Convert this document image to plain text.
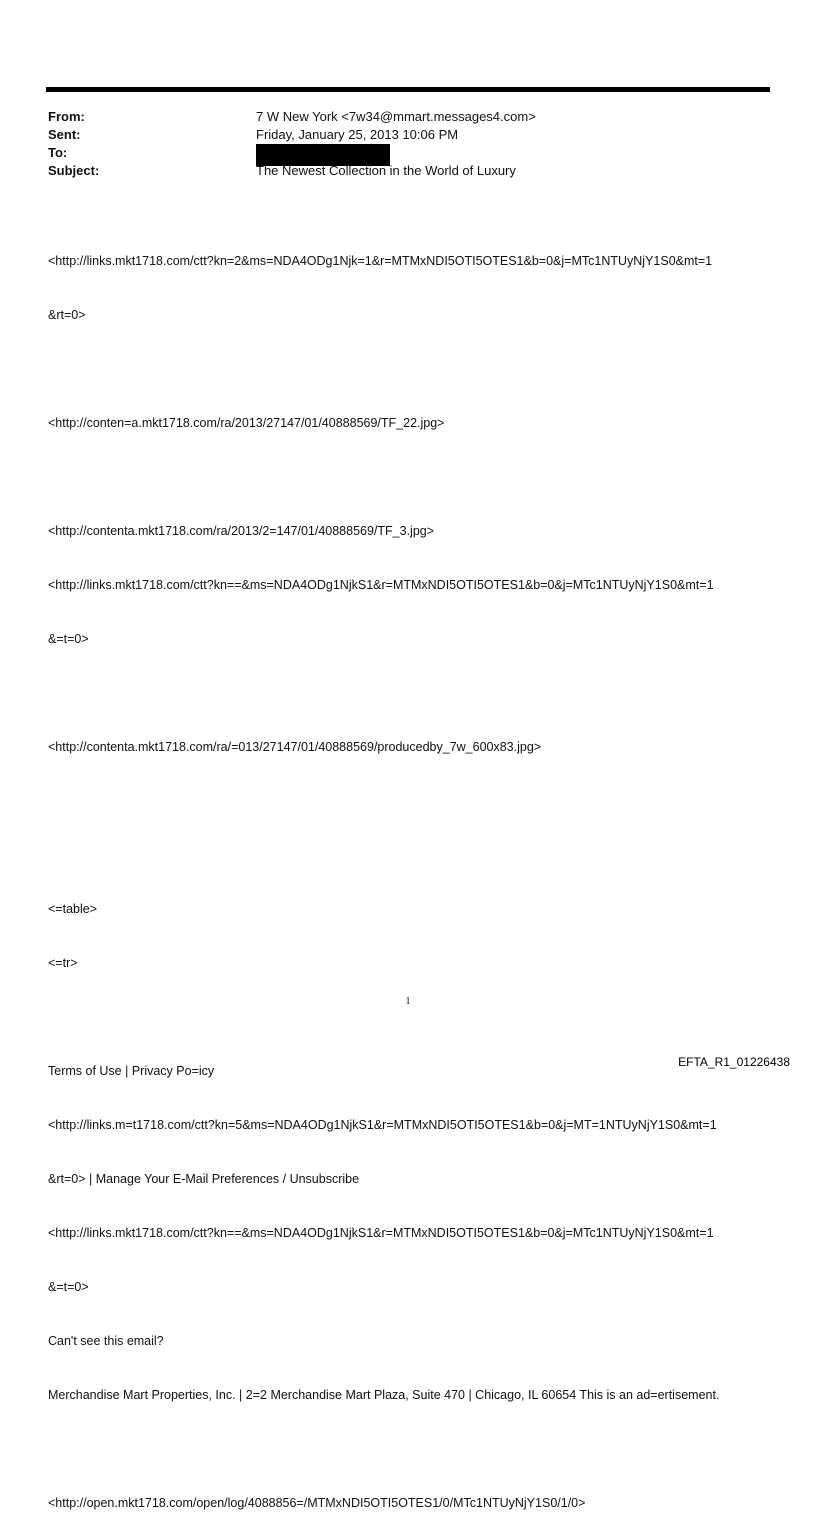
From:	7 W New York <7w34@mmart.messages4.com>
Sent:	Friday, January 25, 2013 10:06 PM
To:
Subject:	The Newest Collection in the World of Luxury

<http://links.mkt1718.com/ctt?kn=2&ms=NDA4ODg1Njk=1&r=MTMxNDI5OTI5OTES1&b=0&j=MTc1NTUyNjY1S0&mt=1

&rt=0>

<http://conten=a.mkt1718.com/ra/2013/27147/01/40888569/TF_22.jpg>

<http://contenta.mkt1718.com/ra/2013/2=147/01/40888569/TF_3.jpg>

<http://links.mkt1718.com/ctt?kn==&ms=NDA4ODg1NjkS1&r=MTMxNDI5OTI5OTES1&b=0&j=MTc1NTUyNjY1S0&mt=1

&=t=0>

<http://contenta.mkt1718.com/ra/=013/27147/01/40888569/producedby_7w_600x83.jpg>

<=table>

<=tr>

Terms of Use | Privacy Po=icy

<http://links.m=t1718.com/ctt?kn=5&ms=NDA4ODg1NjkS1&r=MTMxNDI5OTI5OTES1&b=0&j=MT=1NTUyNjY1S0&mt=1

&rt=0> | Manage Your E-Mail Preferences / Unsubscribe

<http://links.mkt1718.com/ctt?kn==&ms=NDA4ODg1NjkS1&r=MTMxNDI5OTI5OTES1&b=0&j=MTc1NTUyNjY1S0&mt=1

&=t=0>

Can't see this email?

Merchandise Mart Properties, Inc. | 2=2 Merchandise Mart Plaza, Suite 470 | Chicago, IL 60654 This is an ad=ertisement.

<http://open.mkt1718.com/open/log/4088856=/MTMxNDI5OTI5OTES1/0/MTc1NTUyNjY1S0/1/0>

1
EFTA_R1_01226438
